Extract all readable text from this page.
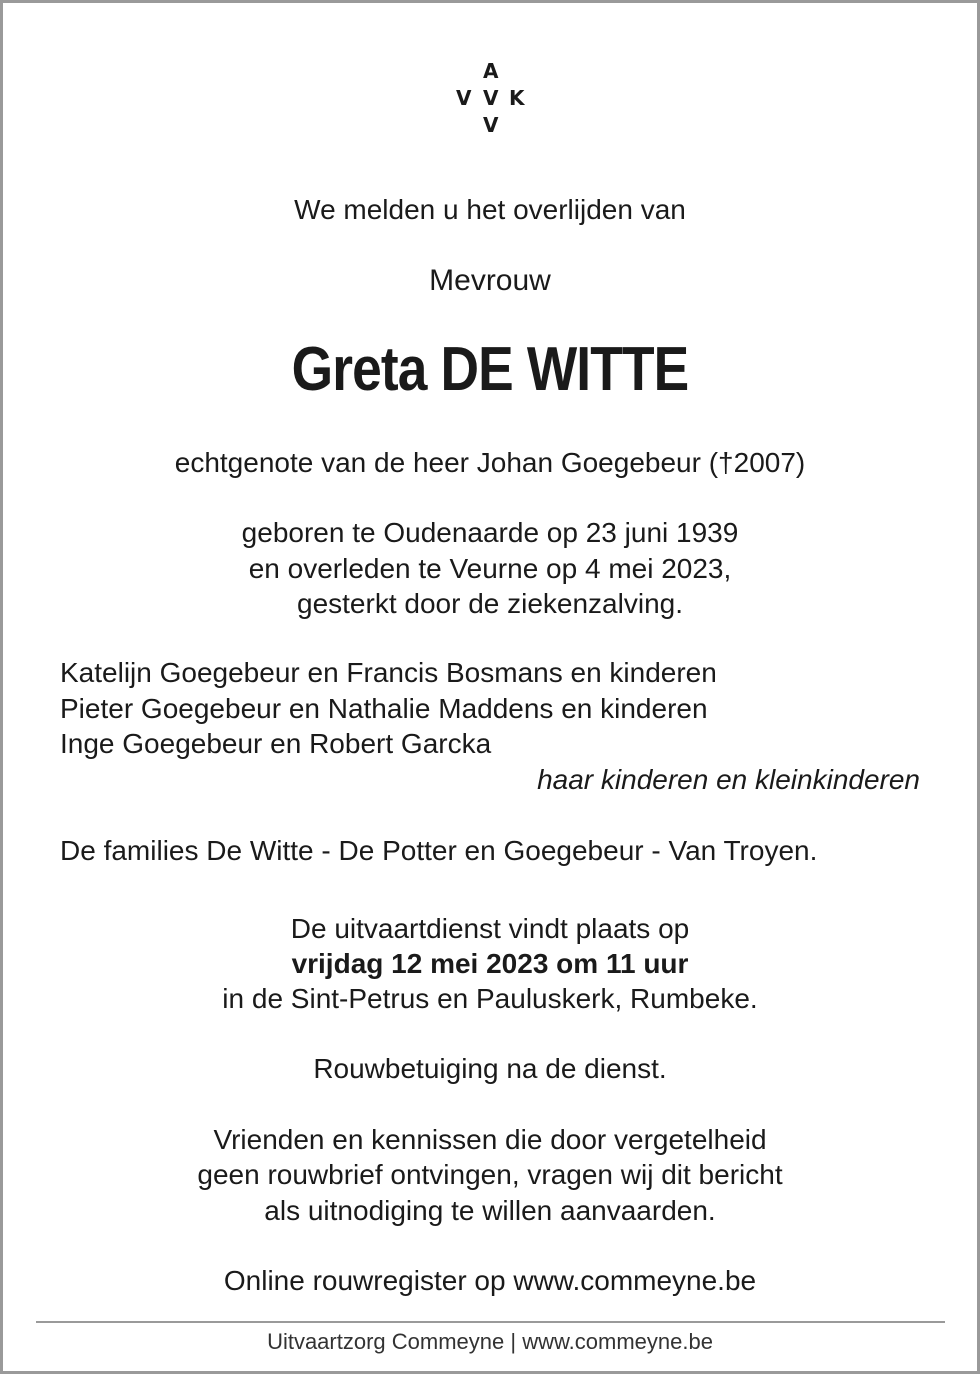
A
V V K
V
We melden u het overlijden van
Mevrouw
Greta DE WITTE
echtgenote van de heer Johan Goegebeur (†2007)
geboren te Oudenaarde op 23 juni 1939
en overleden te Veurne op 4 mei 2023,
gesterkt door de ziekenzalving.
Katelijn Goegebeur en Francis Bosmans en kinderen
Pieter Goegebeur en Nathalie Maddens en kinderen
Inge Goegebeur en Robert Garcka
haar kinderen en kleinkinderen
De families De Witte - De Potter en Goegebeur - Van Troyen.
De uitvaartdienst vindt plaats op
vrijdag 12 mei 2023 om 11 uur
in de Sint-Petrus en Pauluskerk, Rumbeke.
Rouwbetuiging na de dienst.
Vrienden en kennissen die door vergetelheid
geen rouwbrief ontvingen, vragen wij dit bericht
als uitnodiging te willen aanvaarden.
Online rouwregister op www.commeyne.be
Uitvaartzorg Commeyne | www.commeyne.be
